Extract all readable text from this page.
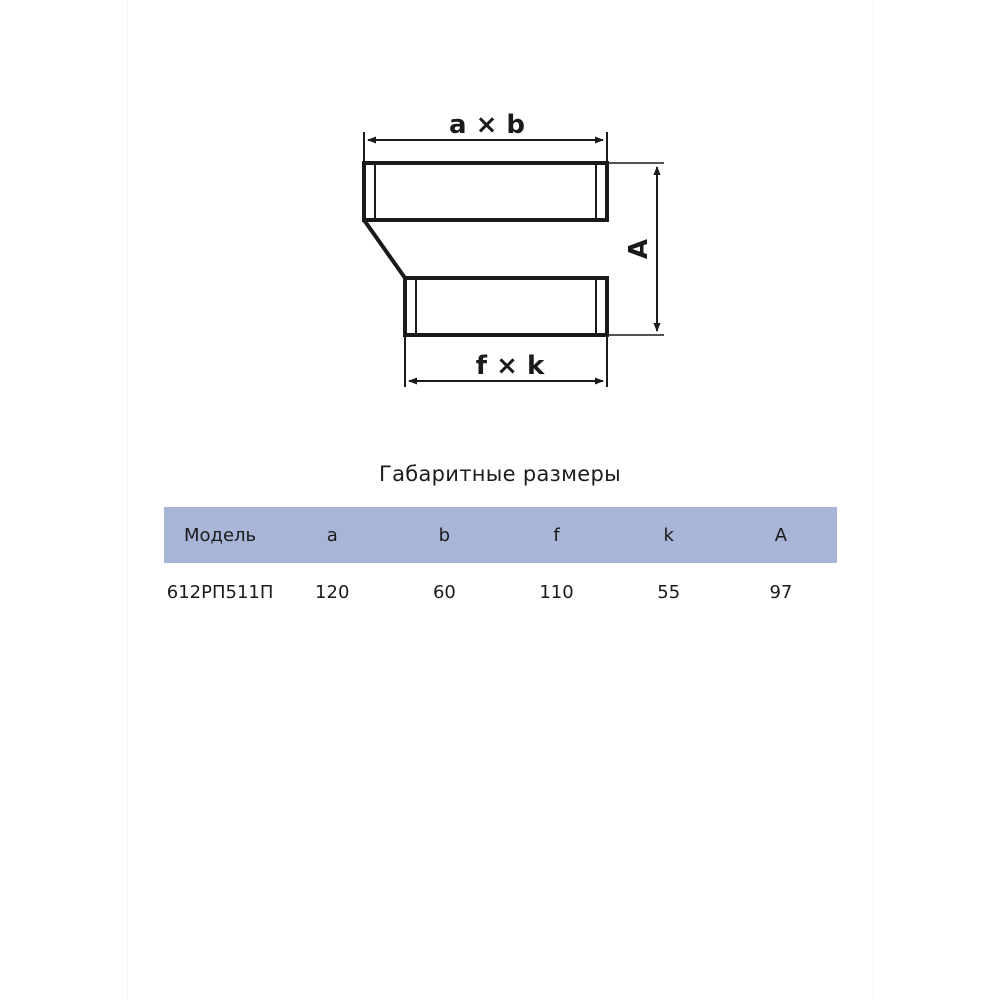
a × b
A
f × k
Габаритные размеры
Модель	a	b	f	k	A
612РП511П	120	60	110	55	97
